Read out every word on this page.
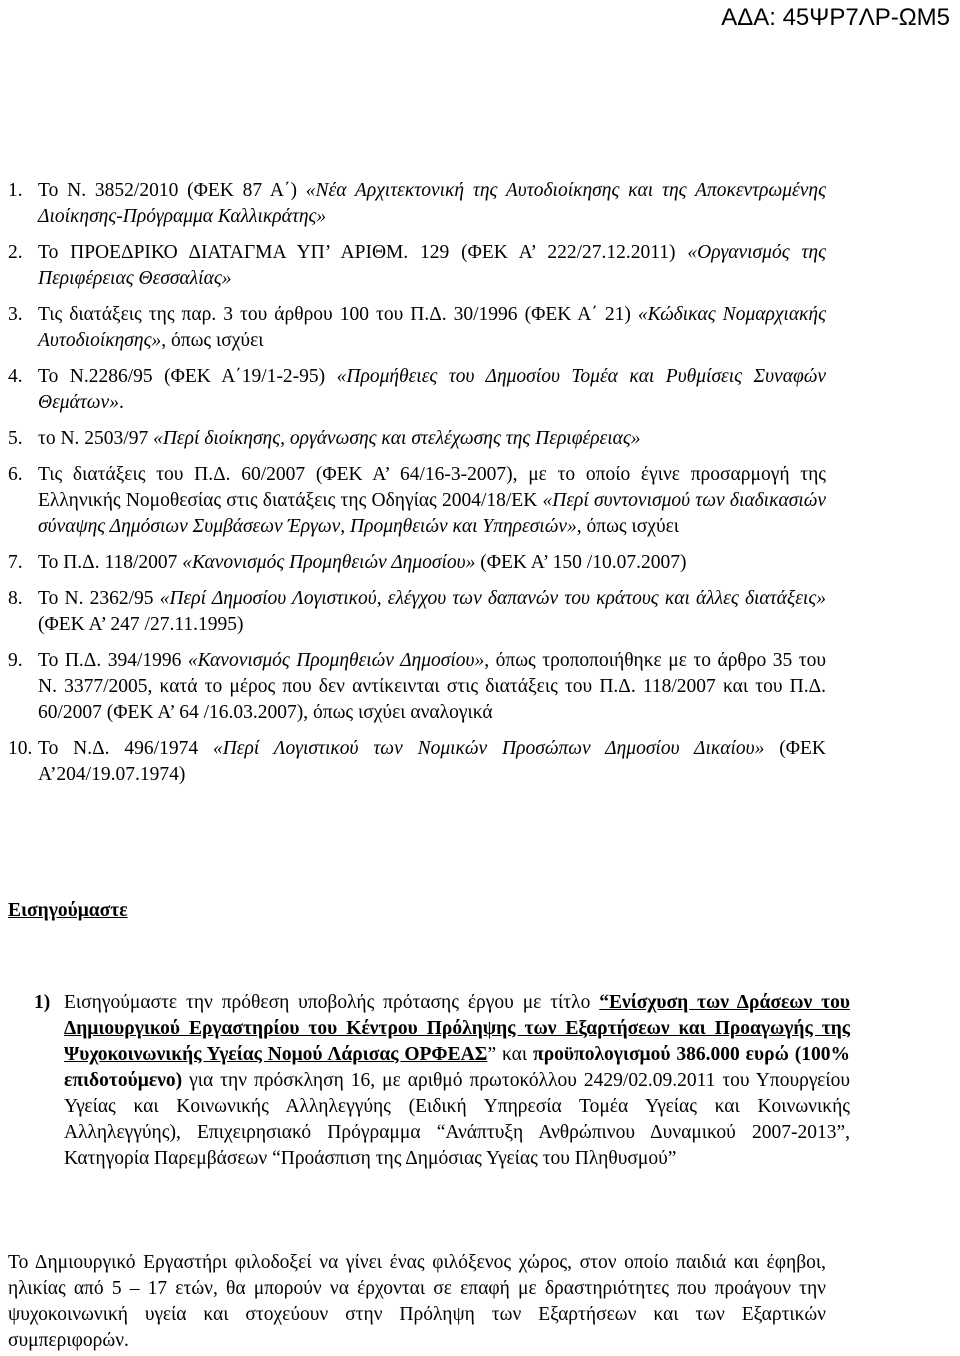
ΑΔΑ: 45ΨΡ7ΛΡ-ΩΜ5
1. Το Ν. 3852/2010 (ΦΕΚ 87 Α΄) «Νέα Αρχιτεκτονική της Αυτοδιοίκησης και της Αποκεντρωμένης Διοίκησης-Πρόγραμμα Καλλικράτης»

2. Το ΠΡΟΕΔΡΙΚΟ ΔΙΑΤΑΓΜΑ ΥΠ’ ΑΡΙΘΜ. 129 (ΦΕΚ Α’ 222/27.12.2011) «Οργανισμός της Περιφέρειας Θεσσαλίας»

3. Τις διατάξεις της παρ. 3 του άρθρου 100 του Π.Δ. 30/1996 (ΦΕΚ Α΄ 21) «Κώδικας Νομαρχιακής Αυτοδιοίκησης», όπως ισχύει

4. Το Ν.2286/95 (ΦΕΚ Α΄19/1-2-95) «Προμήθειες του Δημοσίου Τομέα και Ρυθμίσεις Συναφών Θεμάτων».

5. το Ν. 2503/97 «Περί διοίκησης, οργάνωσης και στελέχωσης της Περιφέρειας»

6. Τις διατάξεις του Π.Δ. 60/2007 (ΦΕΚ Α’ 64/16-3-2007), με το οποίο έγινε προσαρμογή της Ελληνικής Νομοθεσίας στις διατάξεις της Οδηγίας 2004/18/ΕΚ «Περί συντονισμού των διαδικασιών σύναψης Δημόσιων Συμβάσεων Έργων, Προμηθειών και Υπηρεσιών», όπως ισχύει

7. Το Π.Δ. 118/2007 «Κανονισμός Προμηθειών Δημοσίου» (ΦΕΚ Α’ 150 /10.07.2007)

8. Το Ν. 2362/95 «Περί Δημοσίου Λογιστικού, ελέγχου των δαπανών του κράτους και άλλες διατάξεις» (ΦΕΚ Α’ 247 /27.11.1995)

9. Το Π.Δ. 394/1996 «Κανονισμός Προμηθειών Δημοσίου», όπως τροποποιήθηκε με το άρθρο 35 του Ν. 3377/2005, κατά το μέρος που δεν αντίκεινται στις διατάξεις του Π.Δ. 118/2007 και του Π.Δ. 60/2007 (ΦΕΚ Α’ 64 /16.03.2007), όπως ισχύει αναλογικά

10. Το Ν.Δ. 496/1974 «Περί Λογιστικού των Νομικών Προσώπων Δημοσίου Δικαίου» (ΦΕΚ Α’204/19.07.1974)

Εισηγούμαστε
1) Εισηγούμαστε την πρόθεση υποβολής πρότασης έργου με τίτλο “Ενίσχυση των Δράσεων του Δημιουργικού Εργαστηρίου του Κέντρου Πρόληψης των Εξαρτήσεων και Προαγωγής της Ψυχοκοινωνικής Υγείας Νομού Λάρισας ΟΡΦΕΑΣ” και προϋπολογισμού 386.000 ευρώ (100% επιδοτούμενο) για την πρόσκληση 16, με αριθμό πρωτοκόλλου 2429/02.09.2011 του Υπουργείου Υγείας και Κοινωνικής Αλληλεγγύης (Ειδική Υπηρεσία Τομέα Υγείας και Κοινωνικής Αλληλεγγύης), Επιχειρησιακό Πρόγραμμα “Ανάπτυξη Ανθρώπινου Δυναμικού 2007-2013”, Κατηγορία Παρεμβάσεων “Προάσπιση της Δημόσιας Υγείας του Πληθυσμού”
Το Δημιουργικό Εργαστήρι φιλοδοξεί να γίνει ένας φιλόξενος χώρος, στον οποίο παιδιά και έφηβοι, ηλικίας από 5 – 17 ετών, θα μπορούν να έρχονται σε επαφή με δραστηριότητες που προάγουν την ψυχοκοινωνική υγεία και στοχεύουν στην Πρόληψη των Εξαρτήσεων και των Εξαρτικών συμπεριφορών.
